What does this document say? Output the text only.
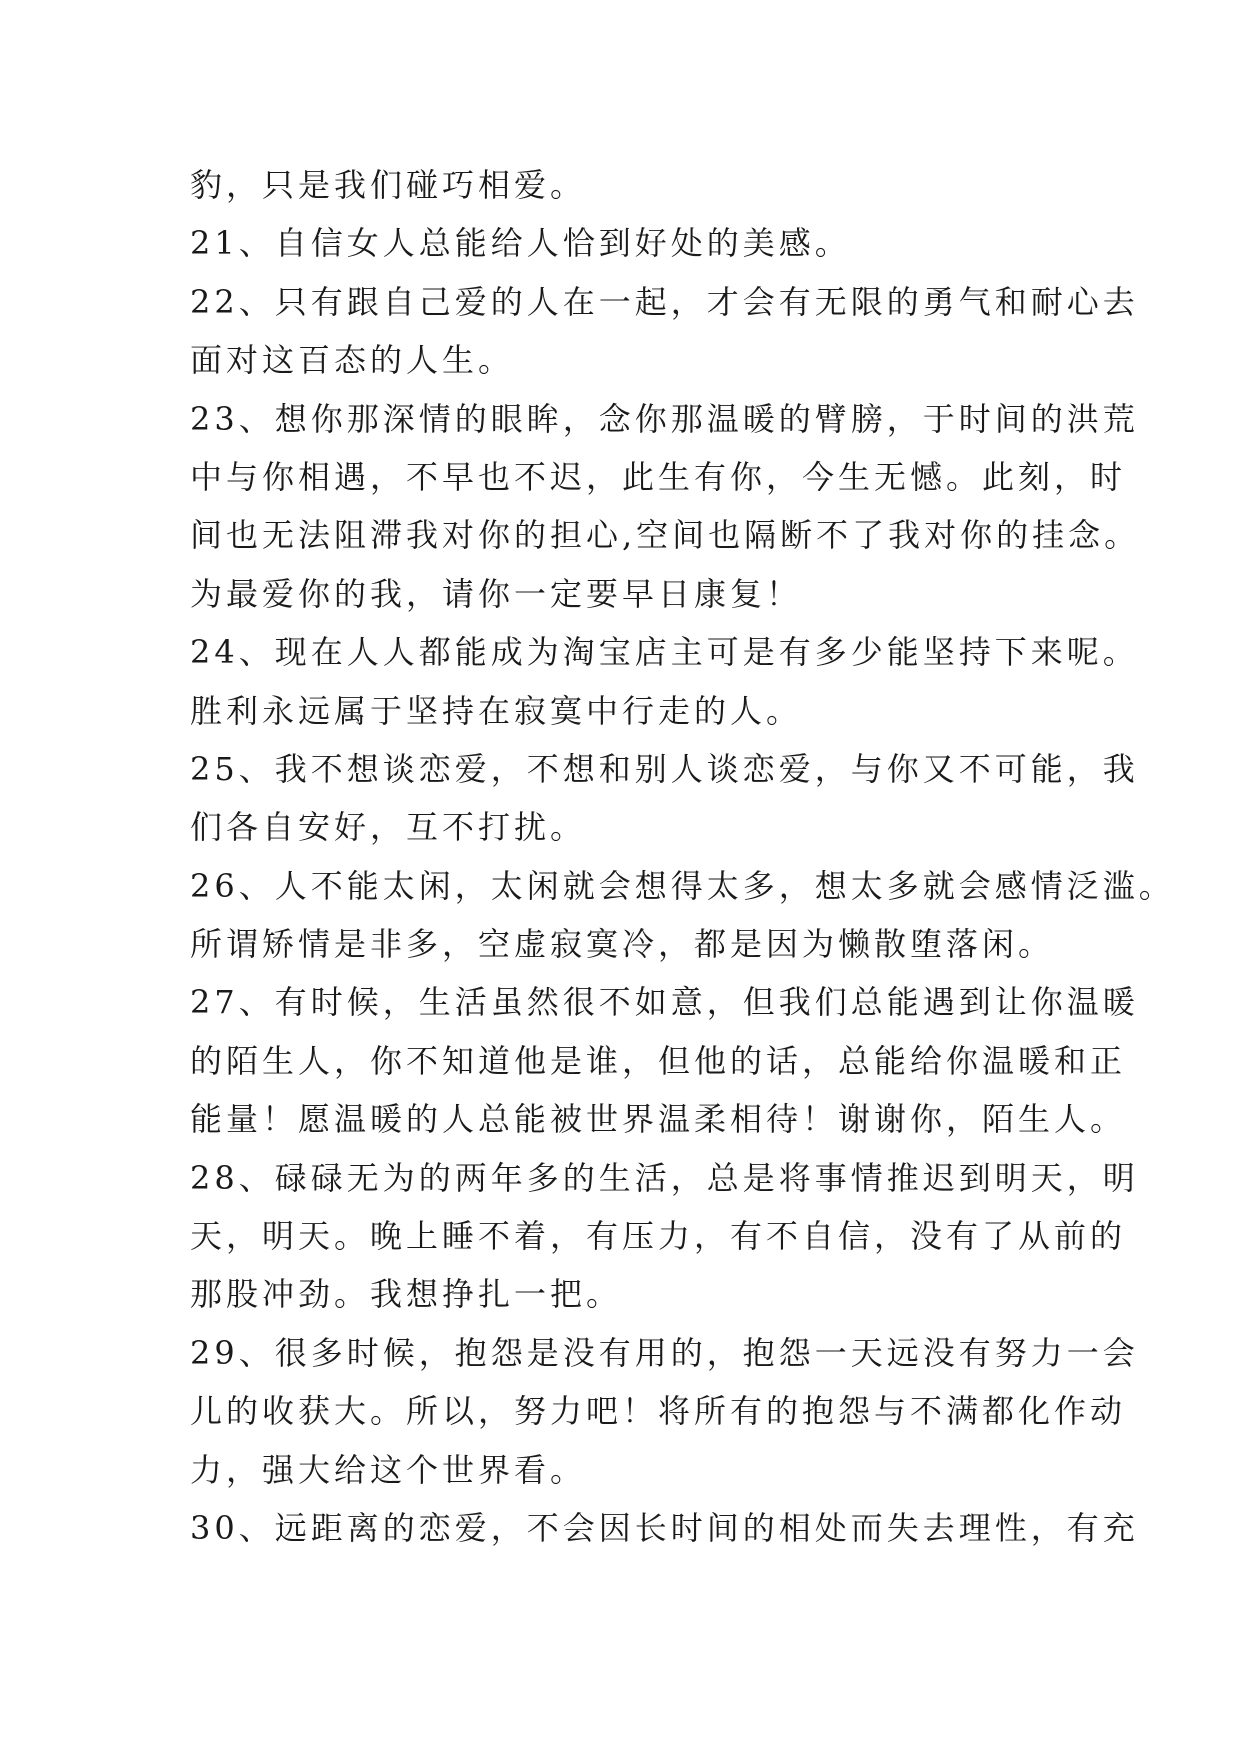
豹，只是我们碰巧相爱。
21、自信女人总能给人恰到好处的美感。
22、只有跟自己爱的人在一起，才会有无限的勇气和耐心去
面对这百态的人生。
23、想你那深情的眼眸，念你那温暖的臂膀，于时间的洪荒
中与你相遇，不早也不迟，此生有你，今生无憾。此刻，时
间也无法阻滞我对你的担心,空间也隔断不了我对你的挂念。
为最爱你的我，请你一定要早日康复！
24、现在人人都能成为淘宝店主可是有多少能坚持下来呢。
胜利永远属于坚持在寂寞中行走的人。
25、我不想谈恋爱，不想和别人谈恋爱，与你又不可能，我
们各自安好，互不打扰。
26、人不能太闲，太闲就会想得太多，想太多就会感情泛滥。
所谓矫情是非多，空虚寂寞冷，都是因为懒散堕落闲。
27、有时候，生活虽然很不如意，但我们总能遇到让你温暖
的陌生人，你不知道他是谁，但他的话，总能给你温暖和正
能量！愿温暖的人总能被世界温柔相待！谢谢你，陌生人。
28、碌碌无为的两年多的生活，总是将事情推迟到明天，明
天，明天。晚上睡不着，有压力，有不自信，没有了从前的
那股冲劲。我想挣扎一把。
29、很多时候，抱怨是没有用的，抱怨一天远没有努力一会
儿的收获大。所以，努力吧！将所有的抱怨与不满都化作动
力，强大给这个世界看。
30、远距离的恋爱，不会因长时间的相处而失去理性，有充
